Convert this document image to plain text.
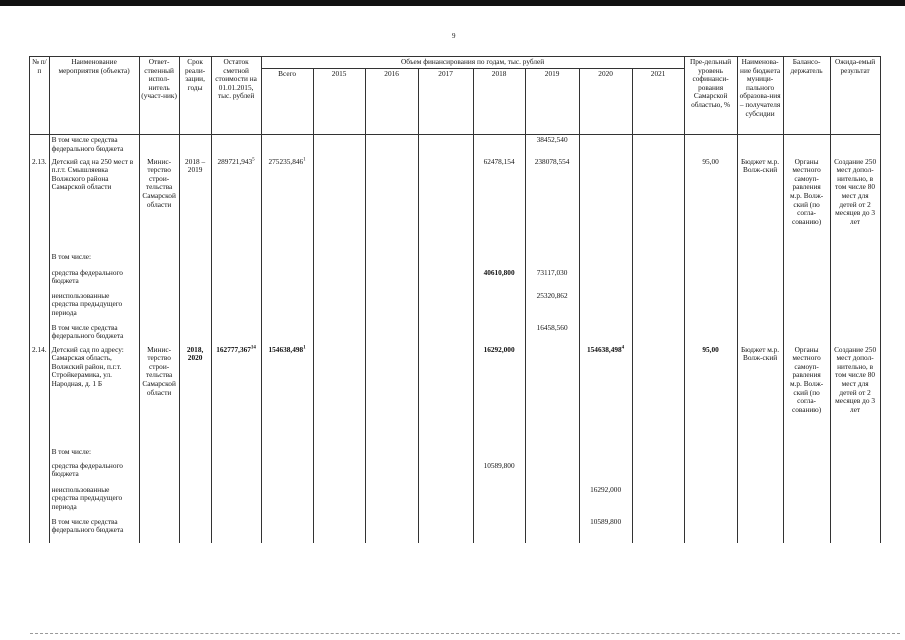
9
№ п/п	Наименование мероприятия (объекта)	Ответ-ственный испол-нитель (участ-ник)	Срок реали-зации, годы	Остаток сметной стоимости на 01.01.2015, тыс. рублей	Объем финансирования по годам, тыс. рублей								Пре-дельный уровень софинанси-рования Самарской областью, %	Наименова-ние бюджета муници-пального образова-ния – получателя субсидии	Балансо-держатель	Ожида-емый результат
					Всего	2015	2016	2017	2018	2019	2020	2021				
	В том числе средства федерального бюджета									38452,540						
2.13.	Детский сад на 250 мест в п.г.т. Смышляевка Волжского района Самарской области	Минис-терство строи-тельства Самарской области	2018 – 2019	289721,943$^5$	275235,846$^1$				62478,154	238078,554			95,00	Бюджет м.р. Волж-ский	Органы местного самоуп-равления м.р. Волж-ский (по согла-сованию)	Создание 250 мест допол-нительно, в том числе 80 мест для детей от 2 месяцев до 3 лет
	В том числе:															
	средства федерального бюджета								40610,800	73117,030						
	неиспользованные средства предыдущего периода									25320,862						
	В том числе средства федерального бюджета									16458,560						
2.14.	Детский сад по адресу: Самарская область, Волжский район, п.г.т. Стройкерамика, ул. Народная, д. 1 Б	Минис-терство строи-тельства Самарской области	2018, 2020	162777,367$^{14}$	154638,498$^1$				16292,000		154638,498$^4$		95,00	Бюджет м.р. Волж-ский	Органы местного самоуп-равления м.р. Волж-ский (по согла-сованию)	Создание 250 мест допол-нительно, в том числе 80 мест для детей от 2 месяцев до 3 лет
	В том числе:															
	средства федерального бюджета								10589,800							
	неиспользованные средства предыдущего периода										16292,000					
	В том числе средства федерального бюджета										10589,800					
